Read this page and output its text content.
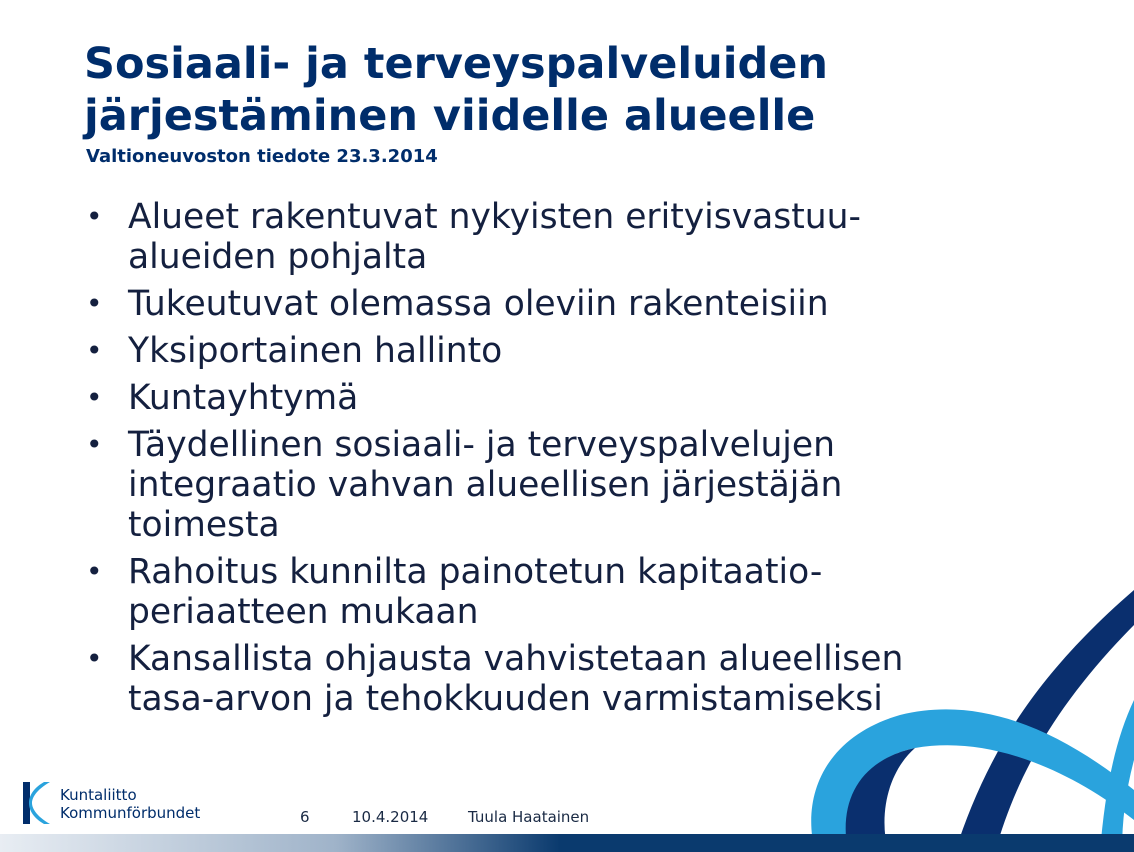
Sosiaali- ja terveyspalveluiden
järjestäminen viidelle alueelle
Valtioneuvoston tiedote 23.3.2014
• Alueet rakentuvat nykyisten erityisvastuu-
alueiden pohjalta
• Tukeutuvat olemassa oleviin rakenteisiin
• Yksiportainen hallinto
• Kuntayhtymä
• Täydellinen sosiaali- ja terveyspalvelujen
integraatio vahvan alueellisen järjestäjän
toimesta
• Rahoitus kunnilta painotetun kapitaatio-
periaatteen mukaan
• Kansallista ohjausta vahvistetaan alueellisen
tasa-arvon ja tehokkuuden varmistamiseksi
Kuntaliitto
Kommunförbundet	6	10.4.2014	Tuula Haatainen
